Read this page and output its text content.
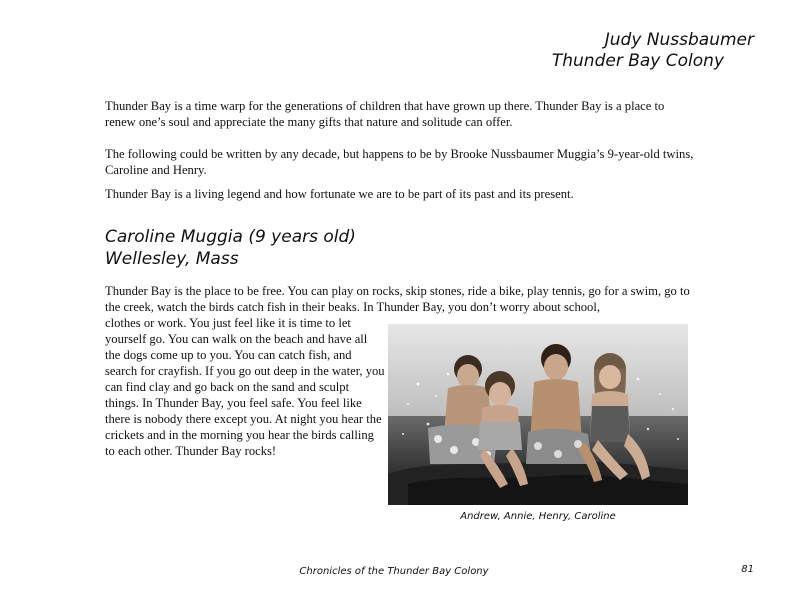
Judy Nussbaumer
Thunder Bay Colony

Thunder Bay is a time warp for the generations of children that have grown up there. Thunder Bay is a place to renew one’s soul and appreciate the many gifts that nature and solitude can offer.

The following could be written by any decade, but happens to be by Brooke Nussbaumer Muggia’s 9-year-old twins, Caroline and Henry.

Thunder Bay is a living legend and how fortunate we are to be part of its past and its present.

Caroline Muggia (9 years old)
Wellesley, Mass

Thunder Bay is the place to be free. You can play on rocks, skip stones, ride a bike, play tennis, go for a swim, go to the creek, watch the birds catch fish in their beaks. In Thunder Bay, you don’t worry about school,

clothes or work. You just feel like it is time to let yourself go. You can walk on the beach and have all the dogs come up to you. You can catch fish, and search for crayfish. If you go out deep in the water, you can find clay and go back on the sand and sculpt things. In Thunder Bay, you feel safe. You feel like there is nobody there except you. At night you hear the crickets and in the morning you hear the birds calling to each other. Thunder Bay rocks!

Andrew, Annie, Henry, Caroline
Chronicles of the Thunder Bay Colony	81
